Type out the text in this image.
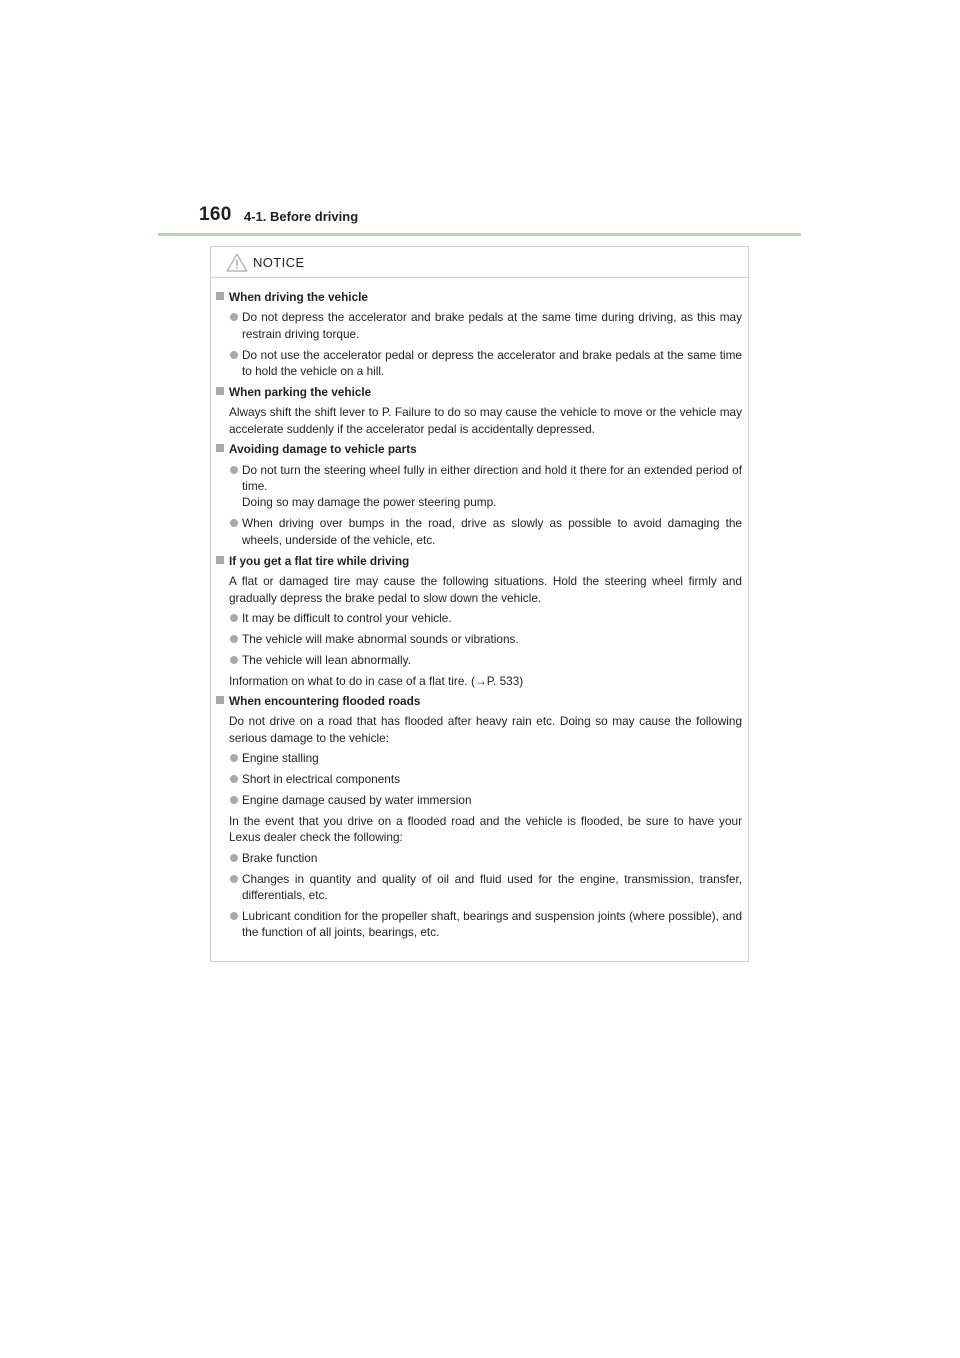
160 4-1. Before driving
NOTICE
When driving the vehicle
Do not depress the accelerator and brake pedals at the same time during driving, as this may restrain driving torque.
Do not use the accelerator pedal or depress the accelerator and brake pedals at the same time to hold the vehicle on a hill.
When parking the vehicle
Always shift the shift lever to P. Failure to do so may cause the vehicle to move or the vehicle may accelerate suddenly if the accelerator pedal is accidentally depressed.
Avoiding damage to vehicle parts
Do not turn the steering wheel fully in either direction and hold it there for an extended period of time.
Doing so may damage the power steering pump.
When driving over bumps in the road, drive as slowly as possible to avoid damaging the wheels, underside of the vehicle, etc.
If you get a flat tire while driving
A flat or damaged tire may cause the following situations. Hold the steering wheel firmly and gradually depress the brake pedal to slow down the vehicle.
It may be difficult to control your vehicle.
The vehicle will make abnormal sounds or vibrations.
The vehicle will lean abnormally.
Information on what to do in case of a flat tire. (→P. 533)
When encountering flooded roads
Do not drive on a road that has flooded after heavy rain etc. Doing so may cause the following serious damage to the vehicle:
Engine stalling
Short in electrical components
Engine damage caused by water immersion
In the event that you drive on a flooded road and the vehicle is flooded, be sure to have your Lexus dealer check the following:
Brake function
Changes in quantity and quality of oil and fluid used for the engine, transmission, transfer, differentials, etc.
Lubricant condition for the propeller shaft, bearings and suspension joints (where possible), and the function of all joints, bearings, etc.
